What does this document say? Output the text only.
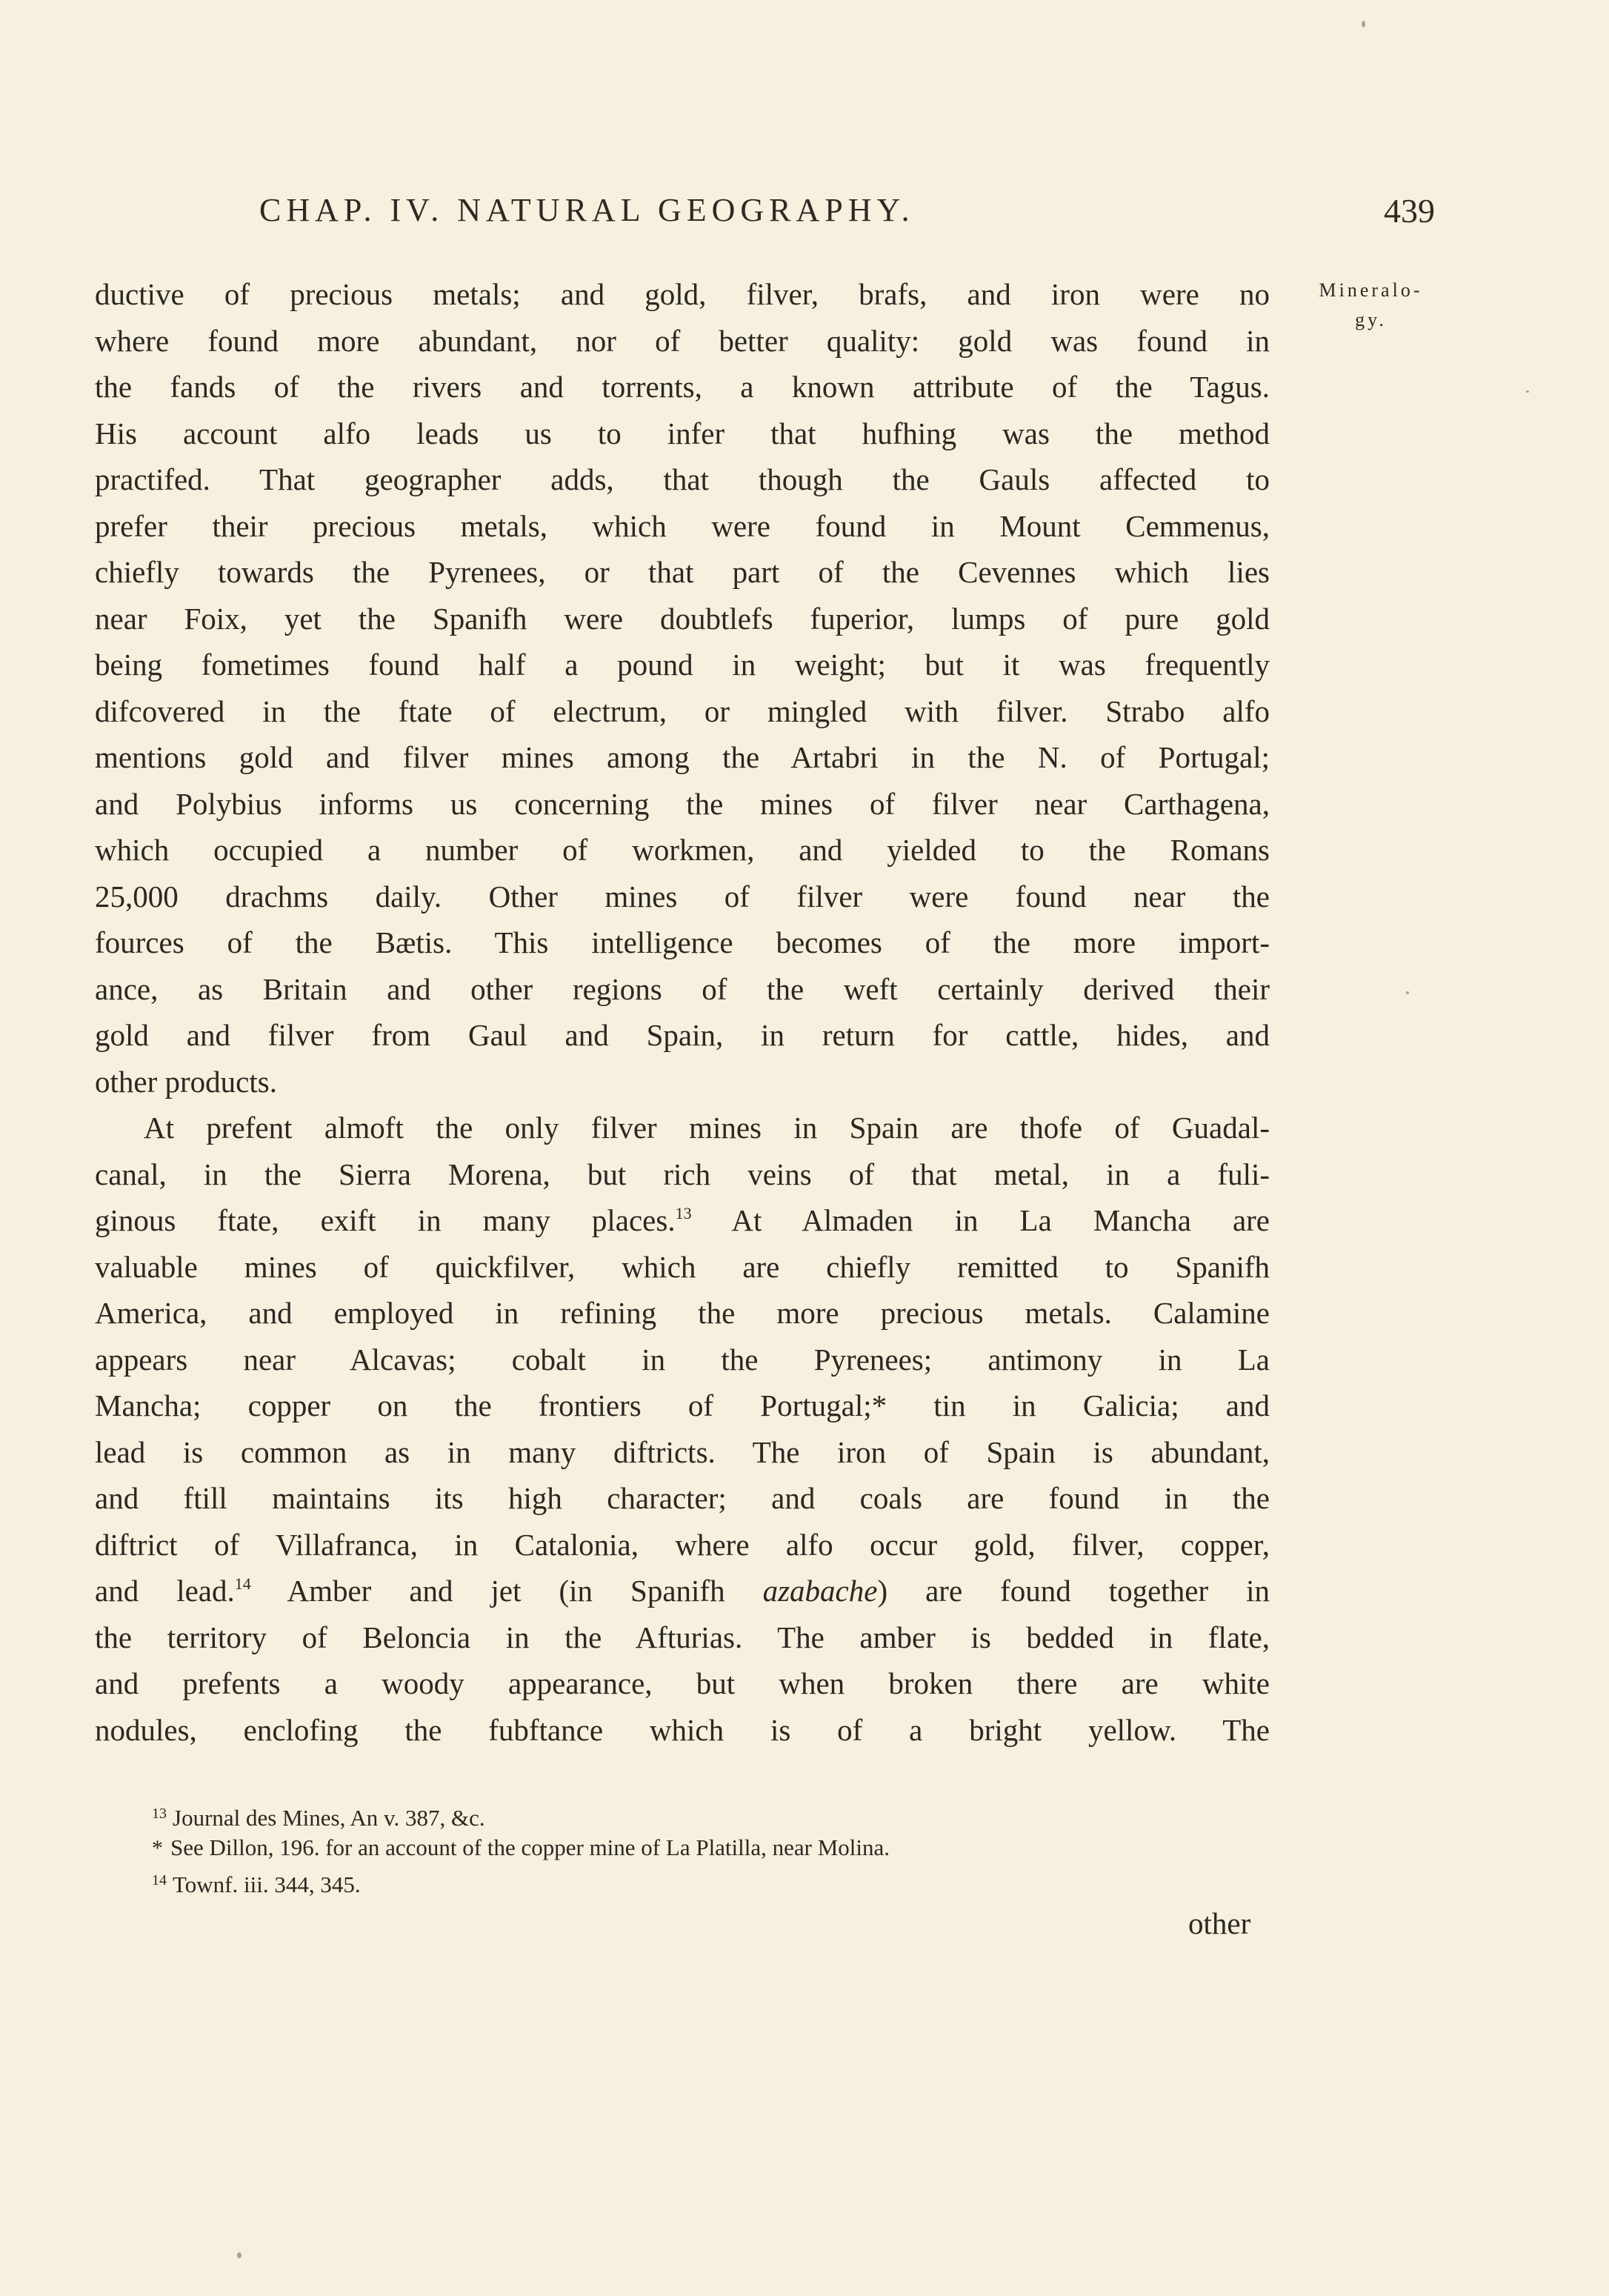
CHAP. IV. NATURAL GEOGRAPHY.	439
Mineralo-
gy.
ductive of precious metals; and gold, filver, brafs, and iron were no
where found more abundant, nor of better quality: gold was found in
the fands of the rivers and torrents, a known attribute of the Tagus.
His account alfo leads us to infer that hufhing was the method
practifed. That geographer adds, that though the Gauls affected to
prefer their precious metals, which were found in Mount Cemmenus,
chiefly towards the Pyrenees, or that part of the Cevennes which lies
near Foix, yet the Spanifh were doubtlefs fuperior, lumps of pure gold
being fometimes found half a pound in weight; but it was frequently
difcovered in the ftate of electrum, or mingled with filver. Strabo alfo
mentions gold and filver mines among the Artabri in the N. of Portugal;
and Polybius informs us concerning the mines of filver near Carthagena,
which occupied a number of workmen, and yielded to the Romans
25,000 drachms daily. Other mines of filver were found near the
fources of the Bætis. This intelligence becomes of the more import-
ance, as Britain and other regions of the weft certainly derived their
gold and filver from Gaul and Spain, in return for cattle, hides, and
other products.
At prefent almoft the only filver mines in Spain are thofe of Guadal-
canal, in the Sierra Morena, but rich veins of that metal, in a fuli-
ginous ftate, exift in many places.$^{13}$ At Almaden in La Mancha are
valuable mines of quickfilver, which are chiefly remitted to Spanifh
America, and employed in refining the more precious metals. Calamine
appears near Alcavas; cobalt in the Pyrenees; antimony in La
Mancha; copper on the frontiers of Portugal;* tin in Galicia; and
lead is common as in many diftricts. The iron of Spain is abundant,
and ftill maintains its high character; and coals are found in the
diftrict of Villafranca, in Catalonia, where alfo occur gold, filver, copper,
and lead.$^{14}$ Amber and jet (in Spanifh azabache) are found together in
the territory of Beloncia in the Afturias. The amber is bedded in flate,
and prefents a woody appearance, but when broken there are white
nodules, enclofing the fubftance which is of a bright yellow. The
13 Journal des Mines, An v. 387, &c.
* See Dillon, 196. for an account of the copper mine of La Platilla, near Molina.
14 Townf. iii. 344, 345.
other
